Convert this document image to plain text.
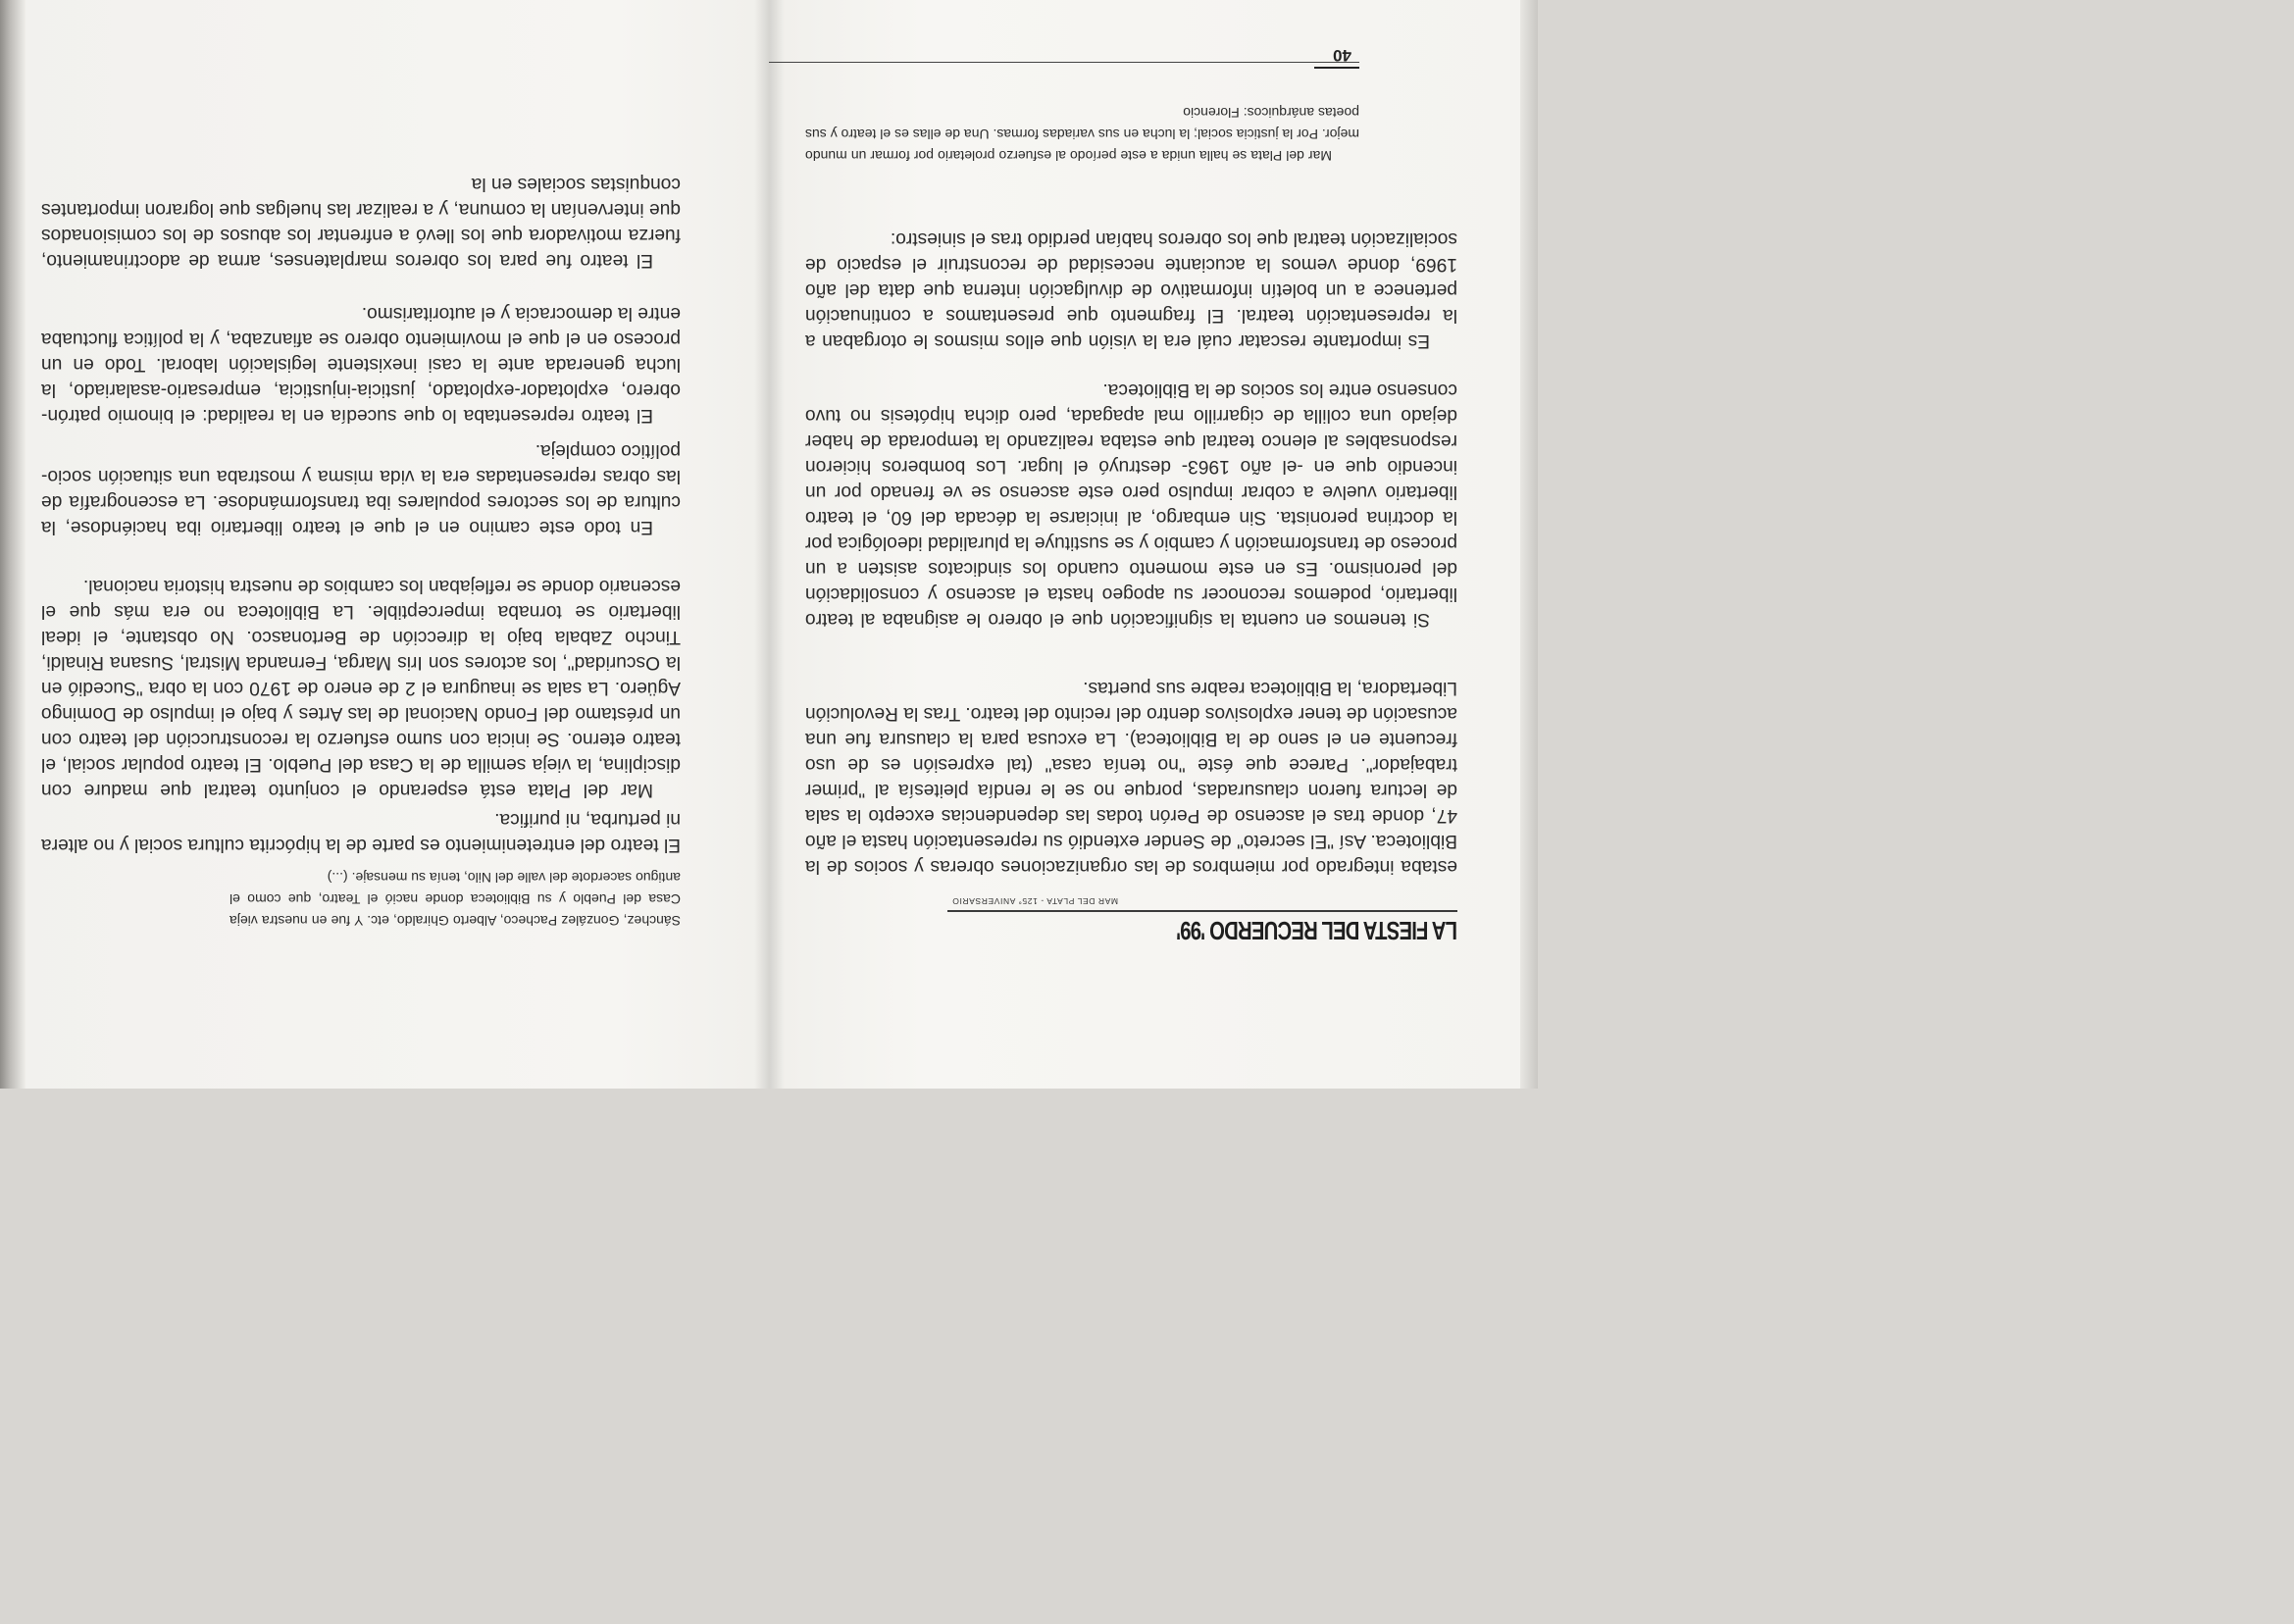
LA FIESTA DEL RECUERDO '99'
MAR DEL PLATA - 125° ANIVERSARIO

estaba integrado por miembros de las organizaciones obreras y socios de la Biblioteca. Así "El secreto" de Sender extendió su representación hasta el año 47, donde tras el ascenso de Perón todas las dependencias excepto la sala de lectura fueron clausuradas, porque no se le rendía pleitesía al "primer trabajador". Parece que éste "no tenía casa" (tal expresión es de uso frecuente en el seno de la Biblioteca). La excusa para la clausura fue una acusación de tener explosivos dentro del recinto del teatro. Tras la Revolución Libertadora, la Biblioteca reabre sus puertas.

Si tenemos en cuenta la significación que el obrero le asignaba al teatro libertario, podemos reconocer su apogeo hasta el ascenso y consolidación del peronismo. Es en este momento cuando los sindicatos asisten a un proceso de transformación y cambio y se sustituye la pluralidad ideológica por la doctrina peronista. Sin embargo, al iniciarse la década del 60, el teatro libertario vuelve a cobrar impulso pero este ascenso se ve frenado por un incendio que en -el año 1963- destruyó el lugar. Los bomberos hicieron responsables al elenco teatral que estaba realizando la temporada de haber dejado una colilla de cigarrillo mal apagada, pero dicha hipótesis no tuvo consenso entre los socios de la Biblioteca.

Es importante rescatar cuál era la visión que ellos mismos le otorgaban a la representación teatral. El fragmento que presentamos a continuación pertenece a un boletín informativo de divulgación interna que data del año 1969, donde vemos la acuciante necesidad de reconstruir el espacio de socialización teatral que los obreros habían perdido tras el siniestro:

Mar del Plata se halla unida a este período al esfuerzo proletario por formar un mundo mejor. Por la justicia social; la lucha en sus variadas formas. Una de ellas es el teatro y sus poetas anárquicos: Florencio

40

Sánchez, González Pacheco, Alberto Ghiraldo, etc. Y fue en nuestra vieja Casa del Pueblo y su Biblioteca donde nació el Teatro, que como el antiguo sacerdote del valle del Nilo, tenía su mensaje. (...)

El teatro del entretenimiento es parte de la hipócrita cultura social y no altera ni perturba, ni purifica.

Mar del Plata está esperando el conjunto teatral que madure con disciplina, la vieja semilla de la Casa del Pueblo. El teatro popular social, el teatro eterno. Se inicia con sumo esfuerzo la reconstrucción del teatro con un préstamo del Fondo Nacional de las Artes y bajo el impulso de Domingo Agüero. La sala se inaugura el 2 de enero de 1970 con la obra "Sucedió en la Oscuridad", los actores son Iris Marga, Fernanda Mistral, Susana Rinaldi, Tincho Zabala bajo la dirección de Bertonasco. No obstante, el ideal libertario se tornaba imperceptible. La Biblioteca no era más que el escenario donde se reflejaban los cambios de nuestra historia nacional.

En todo este camino en el que el teatro libertario iba haciéndose, la cultura de los sectores populares iba transformándose. La escenografía de las obras representadas era la vida misma y mostraba una situación socio-político compleja.

El teatro representaba lo que sucedía en la realidad: el binomio patrón-obrero, explotador-explotado, justicia-injusticia, empresario-asalariado, la lucha generada ante la casi inexistente legislación laboral. Todo en un proceso en el que el movimiento obrero se afianzaba, y la política fluctuaba entre la democracia y el autoritarismo.

El teatro fue para los obreros marplatenses, arma de adoctrinamiento, fuerza motivadora que los llevó a enfrentar los abusos de los comisionados que intervenían la comuna, y a realizar las huelgas que lograron importantes conquistas sociales en la
